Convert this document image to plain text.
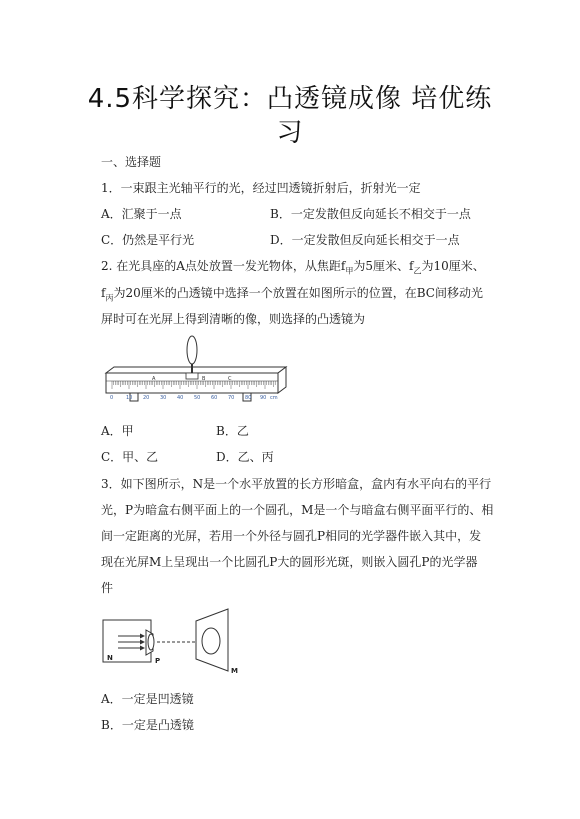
4.5科学探究：凸透镜成像 培优练
习
一、选择题
1．一束跟主光轴平行的光，经过凹透镜折射后，折射光一定
A．汇聚于一点	B．一定发散但反向延长不相交于一点
C．仍然是平行光	D．一定发散但反向延长相交于一点
2. 在光具座的A点处放置一发光物体，从焦距$f_甲$为5厘米、$f_乙$为10厘米、
$f_丙$为20厘米的凸透镜中选择一个放置在如图所示的位置，在BC间移动光
屏时可在光屏上得到清晰的像，则选择的凸透镜为
A	B	C
0	10 20 30 40 50 60 70 80 90 cm
A．甲	B．乙
C．甲、乙	D．乙、丙
3．如下图所示，N是一个水平放置的长方形暗盒，盒内有水平向右的平行
光，P为暗盒右侧平面上的一个圆孔，M是一个与暗盒右侧平面平行的、相
间一定距离的光屏，若用一个外径与圆孔P相同的光学器件嵌入其中，发
现在光屏M上呈现出一个比圆孔P大的圆形光斑，则嵌入圆孔P的光学器
件
N	P
M
A．一定是凹透镜
B．一定是凸透镜
